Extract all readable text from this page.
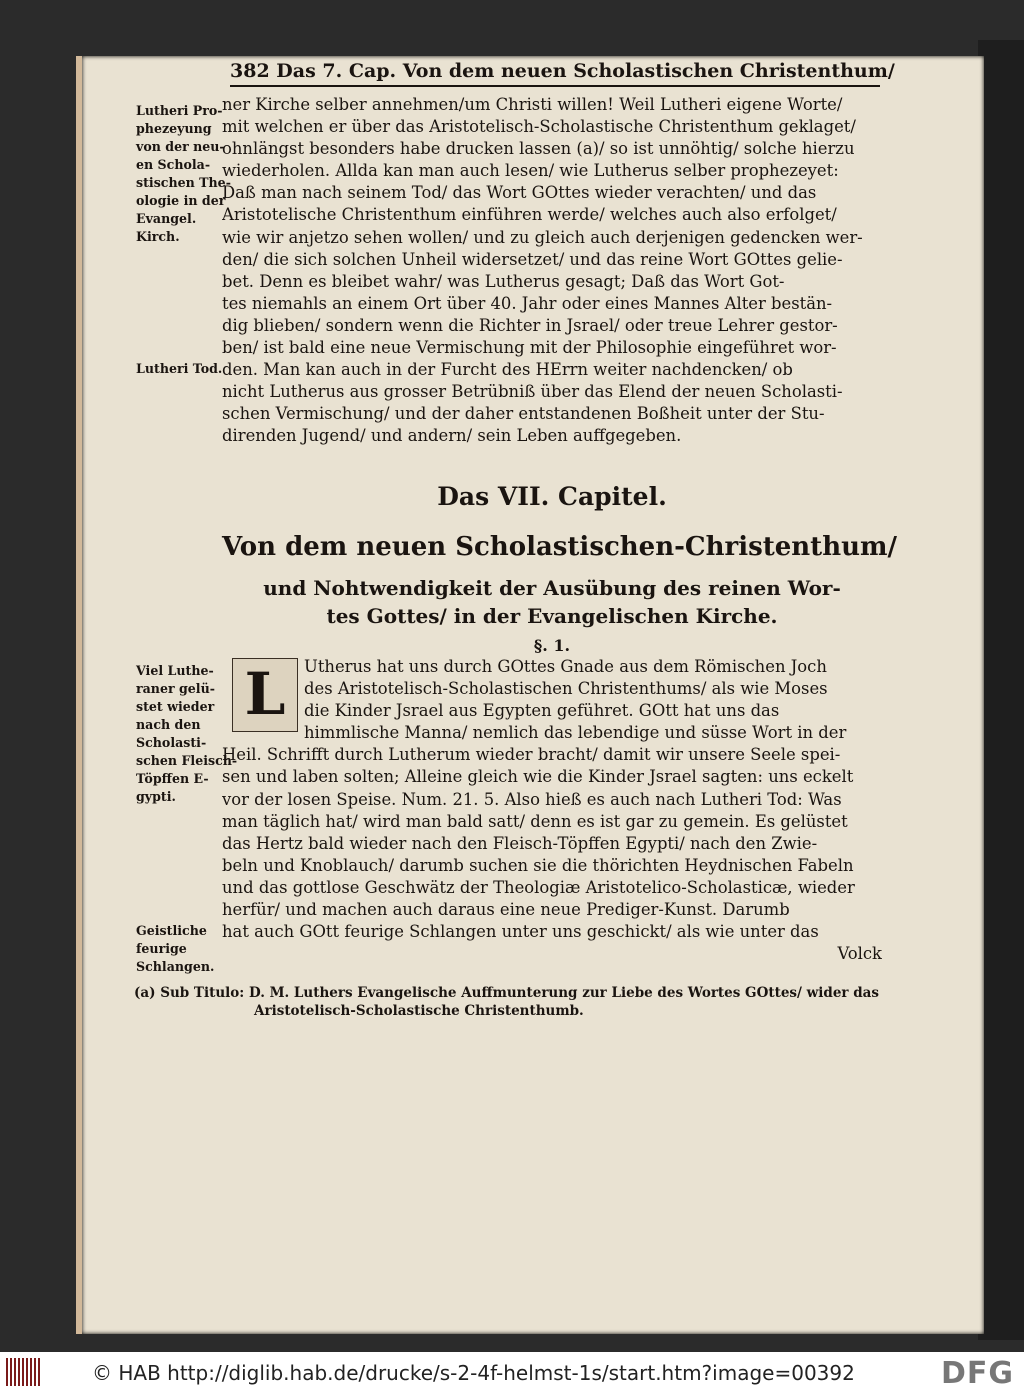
382 Das 7. Cap. Von dem neuen Scholastischen Christenthum/
Lutheri Pro-
phezeyung
von der neu-
en Schola-
stischen The-
ologie in der
Evangel.
Kirch.
Lutheri Tod.
ner Kirche selber annehmen/um Christi willen! Weil Lutheri eigene Worte/
mit welchen er über das Aristotelisch-Scholastische Christenthum geklaget/
ohnlängst besonders habe drucken lassen (a)/ so ist unnöhtig/ solche hierzu
wiederholen. Allda kan man auch lesen/ wie Lutherus selber prophezeyet:
Daß man nach seinem Tod/ das Wort GOttes wieder verachten/ und das
Aristotelische Christenthum einführen werde/ welches auch also erfolget/
wie wir anjetzo sehen wollen/ und zu gleich auch derjenigen gedencken wer-
den/ die sich solchen Unheil widersetzet/ und das reine Wort GOttes gelie-
bet. Denn es bleibet wahr/ was Lutherus gesagt; Daß das Wort Got-
tes niemahls an einem Ort über 40. Jahr oder eines Mannes Alter bestän-
dig blieben/ sondern wenn die Richter in Jsrael/ oder treue Lehrer gestor-
ben/ ist bald eine neue Vermischung mit der Philosophie eingeführet wor-
den. Man kan auch in der Furcht des HErrn weiter nachdencken/ ob
nicht Lutherus aus grosser Betrübniß über das Elend der neuen Scholasti-
schen Vermischung/ und der daher entstandenen Boßheit unter der Stu-
direnden Jugend/ und andern/ sein Leben auffgegeben.
Das VII. Capitel.
Von dem neuen Scholastischen-Christenthum/
und Nohtwendigkeit der Ausübung des reinen Wor-
tes Gottes/ in der Evangelischen Kirche.
§. 1.
Viel Luthe-
raner gelü-
stet wieder
nach den
Scholasti-
schen Fleisch-
Töpffen E-
gypti.
Geistliche
feurige
Schlangen.
L	Utherus hat uns durch GOttes Gnade aus dem Römischen Joch
des Aristotelisch-Scholastischen Christenthums/ als wie Moses
die Kinder Jsrael aus Egypten geführet. GOtt hat uns das
himmlische Manna/ nemlich das lebendige und süsse Wort in der
Heil. Schrifft durch Lutherum wieder bracht/ damit wir unsere Seele spei-
sen und laben solten; Alleine gleich wie die Kinder Jsrael sagten: uns eckelt
vor der losen Speise. Num. 21. 5. Also hieß es auch nach Lutheri Tod: Was
man täglich hat/ wird man bald satt/ denn es ist gar zu gemein. Es gelüstet
das Hertz bald wieder nach den Fleisch-Töpffen Egypti/ nach den Zwie-
beln und Knoblauch/ darumb suchen sie die thörichten Heydnischen Fabeln
und das gottlose Geschwätz der Theologiæ Aristotelico-Scholasticæ, wieder
herfür/ und machen auch daraus eine neue Prediger-Kunst. Darumb
hat auch GOtt feurige Schlangen unter uns geschickt/ als wie unter das
Volck
(a) Sub Titulo: D. M. Luthers Evangelische Auffmunterung zur Liebe des Wortes GOttes/ wider das
Aristotelisch-Scholastische Christenthumb.
© HAB http://diglib.hab.de/drucke/s-2-4f-helmst-1s/start.htm?image=00392	DFG
